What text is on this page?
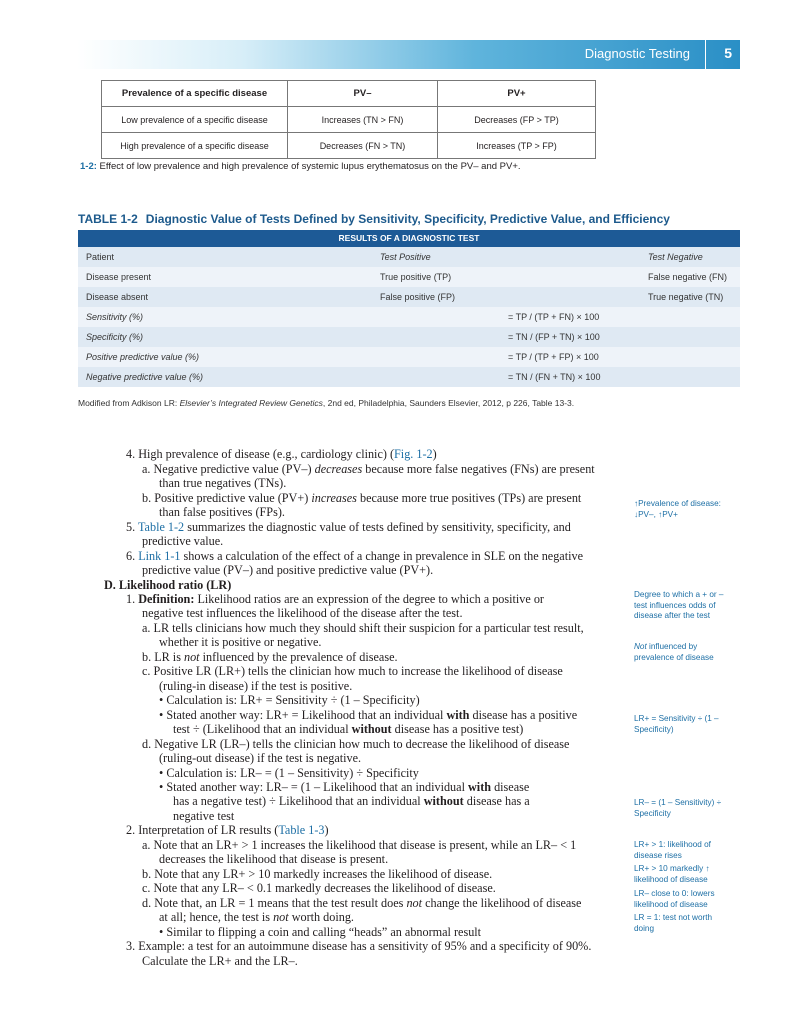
Diagnostic Testing 5
Prevalence of a specific disease	PV–	PV+
Low prevalence of a specific disease	Increases (TN > FN)	Decreases (FP > TP)
High prevalence of a specific disease	Decreases (FN > TN)	Increases (TP > FP)
1-2: Effect of low prevalence and high prevalence of systemic lupus erythematosus on the PV– and PV+.
TABLE 1-2 Diagnostic Value of Tests Defined by Sensitivity, Specificity, Predictive Value, and Efficiency
RESULTS OF A DIAGNOSTIC TEST
Patient	Test Positive	Test Negative
Disease present	True positive (TP)	False negative (FN)
Disease absent	False positive (FP)	True negative (TN)
Sensitivity (%)	= TP / (TP + FN) × 100
Specificity (%)	= TN / (FP + TN) × 100
Positive predictive value (%)	= TP / (TP + FP) × 100
Negative predictive value (%)	= TN / (FN + TN) × 100
Modified from Adkison LR: Elsevier’s Integrated Review Genetics, 2nd ed, Philadelphia, Saunders Elsevier, 2012, p 226, Table 13-3.
4. High prevalence of disease (e.g., cardiology clinic) (Fig. 1-2)
a. Negative predictive value (PV–) decreases because more false negatives (FNs) are present
than true negatives (TNs).
b. Positive predictive value (PV+) increases because more true positives (TPs) are present
than false positives (FPs).
5. Table 1-2 summarizes the diagnostic value of tests defined by sensitivity, specificity, and
predictive value.
6. Link 1-1 shows a calculation of the effect of a change in prevalence in SLE on the negative
predictive value (PV–) and positive predictive value (PV+).
D. Likelihood ratio (LR)
1. Definition: Likelihood ratios are an expression of the degree to which a positive or
negative test influences the likelihood of the disease after the test.
a. LR tells clinicians how much they should shift their suspicion for a particular test result,
whether it is positive or negative.
b. LR is not influenced by the prevalence of disease.
c. Positive LR (LR+) tells the clinician how much to increase the likelihood of disease
(ruling-in disease) if the test is positive.
• Calculation is: LR+ = Sensitivity ÷ (1 – Specificity)
• Stated another way: LR+ = Likelihood that an individual with disease has a positive
test ÷ (Likelihood that an individual without disease has a positive test)
d. Negative LR (LR–) tells the clinician how much to decrease the likelihood of disease
(ruling-out disease) if the test is negative.
• Calculation is: LR– = (1 – Sensitivity) ÷ Specificity
• Stated another way: LR– = (1 – Likelihood that an individual with disease
has a negative test) ÷ Likelihood that an individual without disease has a
negative test
2. Interpretation of LR results (Table 1-3)
a. Note that an LR+ > 1 increases the likelihood that disease is present, while an LR– < 1
decreases the likelihood that disease is present.
b. Note that any LR+ > 10 markedly increases the likelihood of disease.
c. Note that any LR– < 0.1 markedly decreases the likelihood of disease.
d. Note that, an LR = 1 means that the test result does not change the likelihood of disease
at all; hence, the test is not worth doing.
• Similar to flipping a coin and calling “heads” an abnormal result
3. Example: a test for an autoimmune disease has a sensitivity of 95% and a specificity of 90%.
Calculate the LR+ and the LR–.
↑Prevalence of disease:
↓PV–, ↑PV+
Degree to which a + or – test influences odds of disease after the test
Not influenced by prevalence of disease
LR+ = Sensitivity ÷ (1 – Specificity)
LR– = (1 – Sensitivity) ÷ Specificity
LR+ > 1: likelihood of disease rises
LR+ > 10 markedly ↑ likelihood of disease
LR– close to 0: lowers likelihood of disease
LR = 1: test not worth doing
